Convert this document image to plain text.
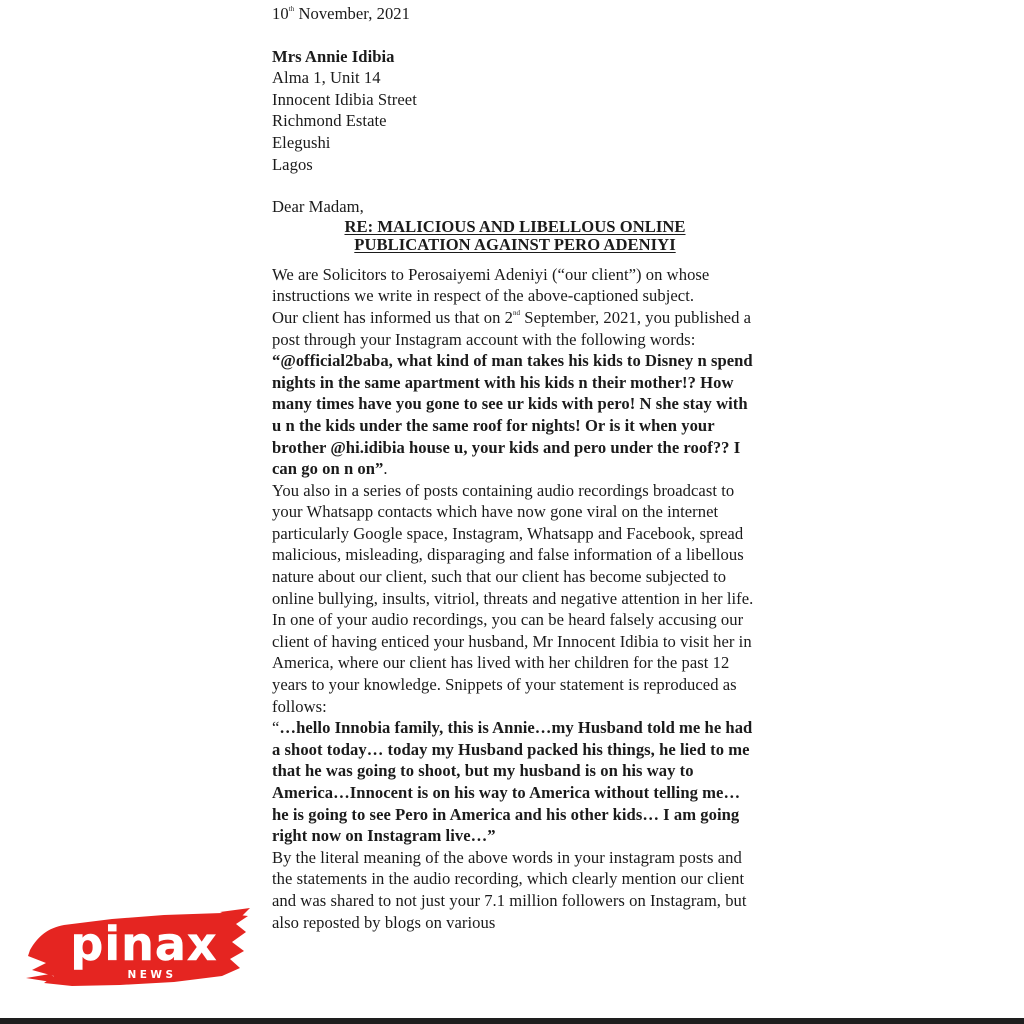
10th November, 2021

Mrs Annie Idibia

Alma 1, Unit 14

Innocent Idibia Street

Richmond Estate

Elegushi

Lagos

Dear Madam,

RE: MALICIOUS AND LIBELLOUS ONLINE
PUBLICATION AGAINST PERO ADENIYI

We are Solicitors to Perosaiyemi Adeniyi (“our client”) on whose instructions we write in respect of the above-captioned subject.

Our client has informed us that on 2nd September, 2021, you published a post through your Instagram account with the following words:

“@official2baba, what kind of man takes his kids to Disney n spend nights in the same apartment with his kids n their mother!? How many times have you gone to see ur kids with pero! N she stay with u n the kids under the same roof for nights! Or is it when your brother @hi.idibia house u, your kids and pero under the roof?? I can go on n on”.

You also in a series of posts containing audio recordings broadcast to your Whatsapp contacts which have now gone viral on the internet particularly Google space, Instagram, Whatsapp and Facebook, spread malicious, misleading, disparaging and false information of a libellous nature about our client, such that our client has become subjected to online bullying, insults, vitriol, threats and negative attention in her life.

In one of your audio recordings, you can be heard falsely accusing our client of having enticed your husband, Mr Innocent Idibia to visit her in America, where our client has lived with her children for the past 12 years to your knowledge. Snippets of your statement is reproduced as follows:

“…hello Innobia family, this is Annie…my Husband told me he had a shoot today… today my Husband packed his things, he lied to me that he was going to shoot, but my husband is on his way to America…Innocent is on his way to America without telling me… he is going to see Pero in America and his other kids… I am going right now on Instagram live…”

By the literal meaning of the above words in your instagram posts and the statements in the audio recording, which clearly mention our client and was shared to not just your 7.1 million followers on Instagram, but also reposted by blogs on various

pinax
NEWS
